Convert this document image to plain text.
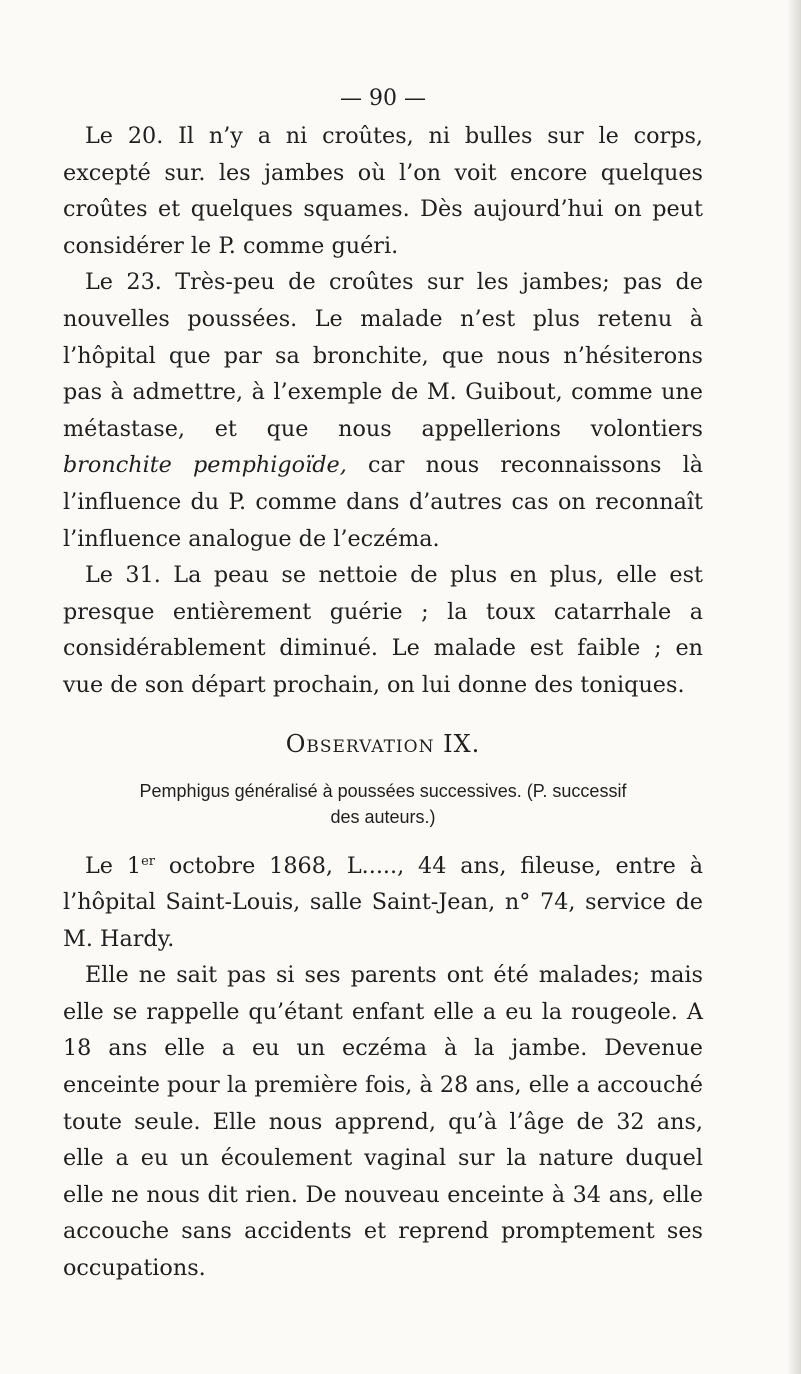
— 90 —

Le 20. Il n’y a ni croûtes, ni bulles sur le corps, excepté sur. les jambes où l’on voit encore quelques croûtes et quelques squames. Dès aujourd’hui on peut considérer le P. comme guéri.

Le 23. Très-peu de croûtes sur les jambes; pas de nouvelles poussées. Le malade n’est plus retenu à l’hôpital que par sa bronchite, que nous n’hésiterons pas à admettre, à l’exemple de M. Guibout, comme une métastase, et que nous appellerions volontiers bronchite pemphigoïde, car nous reconnaissons là l’influence du P. comme dans d’autres cas on reconnaît l’influence analogue de l’eczéma.

Le 31. La peau se nettoie de plus en plus, elle est presque entièrement guérie ; la toux catarrhale a considérablement diminué. Le malade est faible ; en vue de son départ prochain, on lui donne des toniques.

Observation IX.
Pemphigus généralisé à poussées successives. (P. successif
des auteurs.)

Le 1er octobre 1868, L....., 44 ans, fileuse, entre à l’hôpital Saint-Louis, salle Saint-Jean, n° 74, service de M. Hardy.

Elle ne sait pas si ses parents ont été malades; mais elle se rappelle qu’étant enfant elle a eu la rougeole. A 18 ans elle a eu un eczéma à la jambe. Devenue enceinte pour la première fois, à 28 ans, elle a accouché toute seule. Elle nous apprend, qu’à l’âge de 32 ans, elle a eu un écoulement vaginal sur la nature duquel elle ne nous dit rien. De nouveau enceinte à 34 ans, elle accouche sans accidents et reprend promptement ses occupations.
